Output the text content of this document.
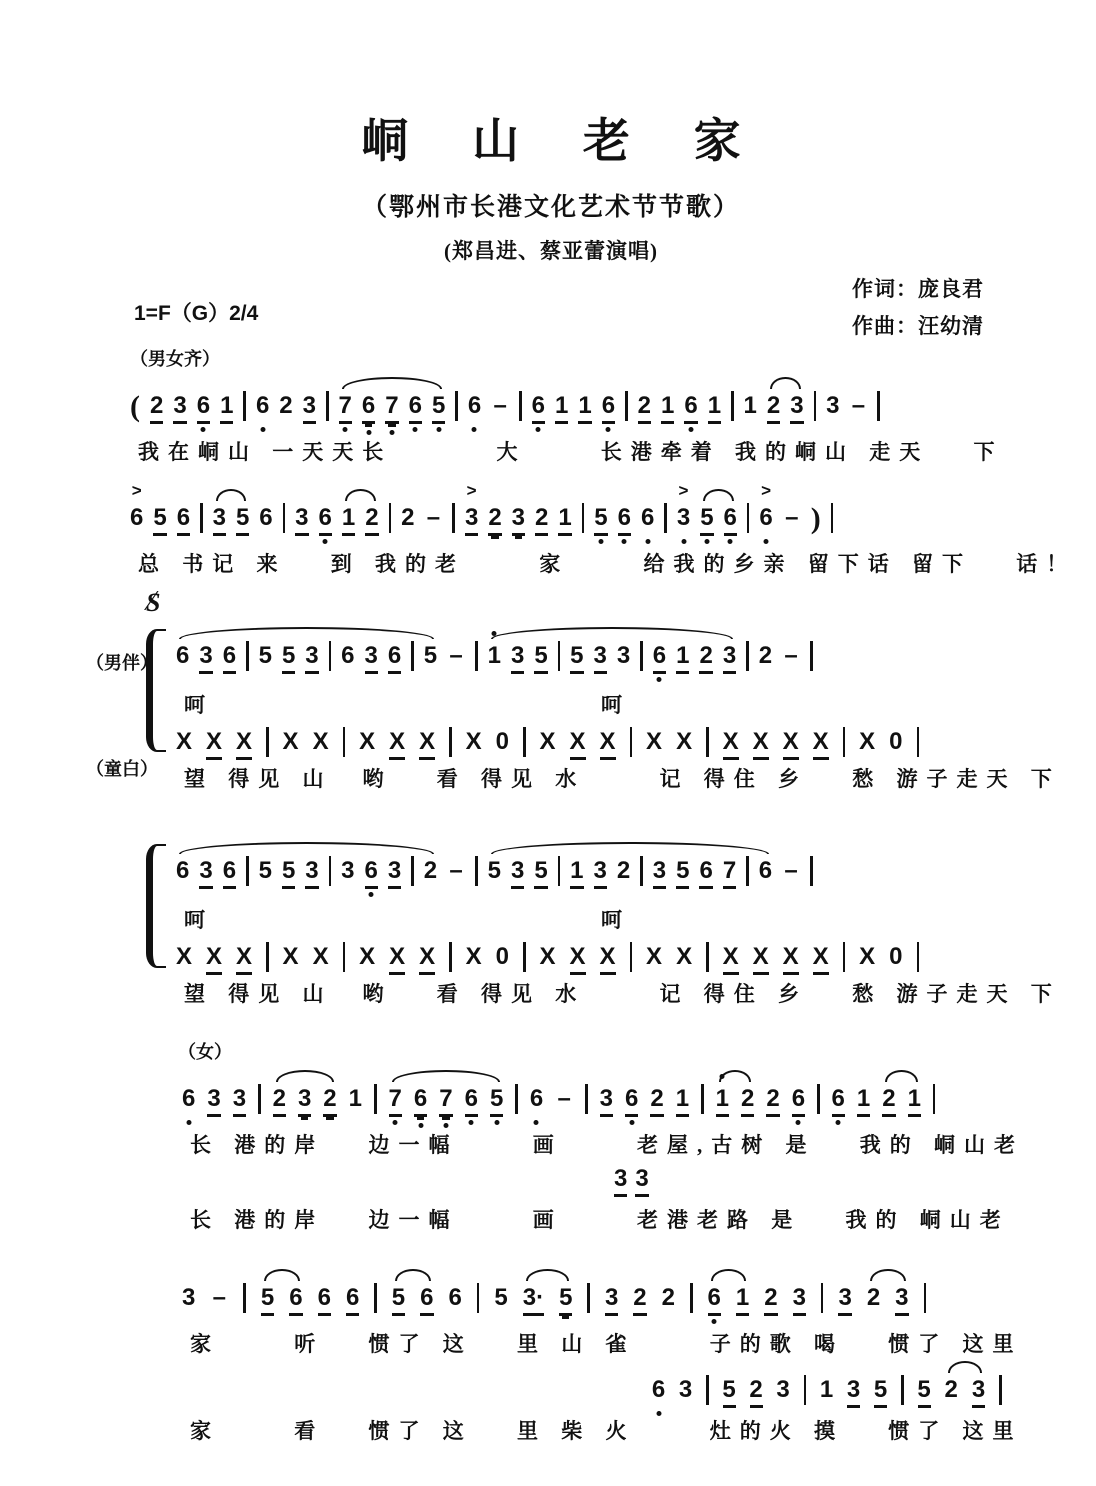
峒 山 老 家
（鄂州市长港文化艺术节节歌）
(郑昌进、蔡亚蕾演唱)
1=F（G）2/4
作词：庞良君
作曲：汪幼清
（男女齐）
( 2 3 6 1 6 2 3 7 6 7 6 5 6 – 6 1 1 6 2 1 6 1 1 2 3 3 –
我在峒山 一天天长　　　 大　　 长港牵着 我的峒山 走天　 下
> 6 5 6 3 5 6 3 6 1 2 2 – > 3 2 3 2 1 5 6 6 > 3 5 6 > 6 – )
总 书记 来　 到 我的老　　 家　　 给我的乡亲 留下话 留下　 话！
S ⁄
（男伴）
（童白）
6 3 6 5 5 3 6 3 6 5 – 1 3 5 5 3 3 6 1 2 3 2 –
呵	呵
X X X X X X X X X 0 X X X X X X X X X X 0
望 得见 山　哟　 看 得见 水　　 记 得住 乡　 愁 游子走天 下
6 3 6 5 5 3 3 6 3 2 – 5 3 5 1 3 2 3 5 6 7 6 –
呵	呵
X X X X X X X X X 0 X X X X X X X X X X 0
望 得见 山　哟　 看 得见 水　　 记 得住 乡　 愁 游子走天 下
（女）
6 3 3 2 3 2 1 7 6 7 6 5 6 – 3 6 2 1 1 2 2 6 6 1 2 1
长 港的岸　 边一幅　　 画　　 老屋,古树 是　 我的 峒山老
3 3
长 港的岸　 边一幅　　 画　　 老港老路 是　 我的 峒山老
3 – 5 6 6 6 5 6 6 5 3· 5 3 2 2 6 1 2 3 3 2 3
家　　 听　 惯了 这　 里 山 雀　　 子的歌 喝　 惯了 这里
6 3 5 2 3 1 3 5 5 2 3
家　　 看　 惯了 这　 里 柴 火　　 灶的火 摸　 惯了 这里
